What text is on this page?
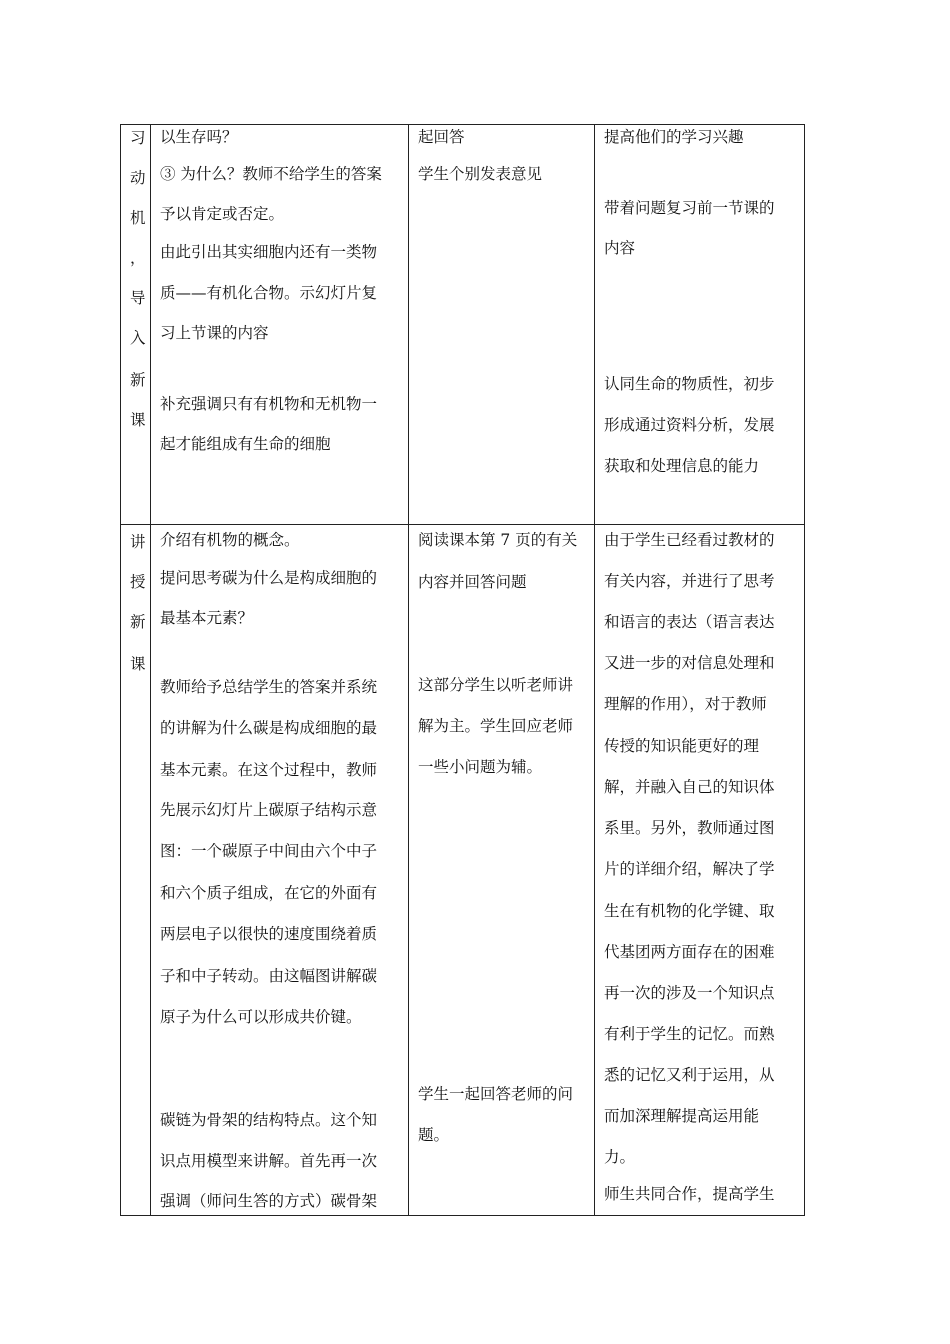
习
动
机
，
导
入
新
课
以生存吗？
③ 为什么？教师不给学生的答案
予以肯定或否定。
由此引出其实细胞内还有一类物
质——有机化合物。示幻灯片复
习上节课的内容
补充强调只有有机物和无机物一
起才能组成有生命的细胞
起回答
学生个别发表意见
提高他们的学习兴趣
带着问题复习前一节课的
内容
认同生命的物质性，初步
形成通过资料分析，发展
获取和处理信息的能力
讲
授
新
课
介绍有机物的概念。
提问思考碳为什么是构成细胞的
最基本元素？
教师给予总结学生的答案并系统
的讲解为什么碳是构成细胞的最
基本元素。在这个过程中，教师
先展示幻灯片上碳原子结构示意
图：一个碳原子中间由六个中子
和六个质子组成，在它的外面有
两层电子以很快的速度围绕着质
子和中子转动。由这幅图讲解碳
原子为什么可以形成共价键。
碳链为骨架的结构特点。这个知
识点用模型来讲解。首先再一次
强调（师问生答的方式）碳骨架
阅读课本第 7 页的有关
内容并回答问题
这部分学生以听老师讲
解为主。学生回应老师
一些小问题为辅。
学生一起回答老师的问
题。
由于学生已经看过教材的
有关内容，并进行了思考
和语言的表达（语言表达
又进一步的对信息处理和
理解的作用），对于教师
传授的知识能更好的理
解，并融入自己的知识体
系里。另外，教师通过图
片的详细介绍，解决了学
生在有机物的化学键、取
代基团两方面存在的困难
再一次的涉及一个知识点
有利于学生的记忆。而熟
悉的记忆又利于运用，从
而加深理解提高运用能
力。
师生共同合作，提高学生
